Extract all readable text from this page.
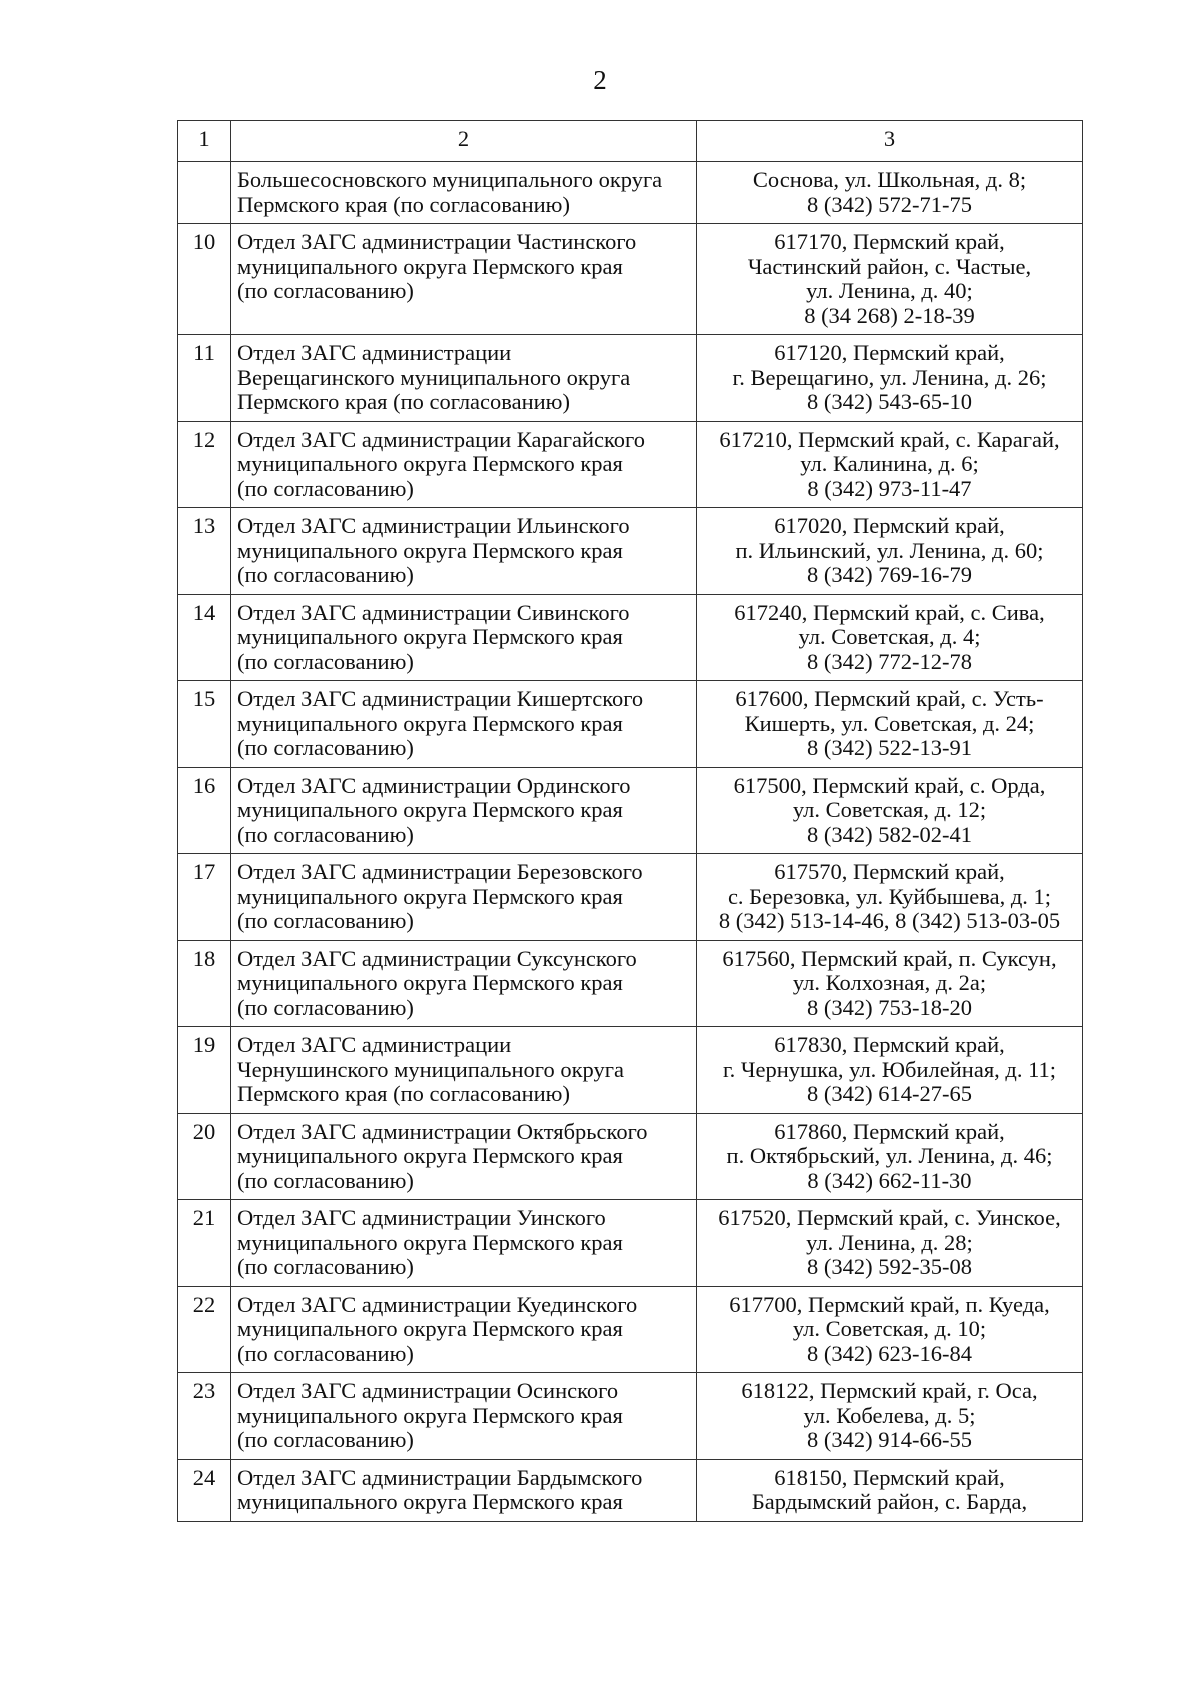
2
1	2	3

	Большесосновского муниципального округа
Пермского края (по согласованию)	Соснова, ул. Школьная, д. 8;
8 (342) 572-71-75

10	Отдел ЗАГС администрации Частинского
муниципального округа Пермского края
(по согласованию)	617170, Пермский край,
Частинский район, с. Частые,
ул. Ленина, д. 40;
8 (34 268) 2-18-39

11	Отдел ЗАГС администрации
Верещагинского муниципального округа
Пермского края (по согласованию)	617120, Пермский край,
г. Верещагино, ул. Ленина, д. 26;
8 (342) 543-65-10

12	Отдел ЗАГС администрации Карагайского
муниципального округа Пермского края
(по согласованию)	617210, Пермский край, с. Карагай,
ул. Калинина, д. 6;
8 (342) 973-11-47

13	Отдел ЗАГС администрации Ильинского
муниципального округа Пермского края
(по согласованию)	617020, Пермский край,
п. Ильинский, ул. Ленина, д. 60;
8 (342) 769-16-79

14	Отдел ЗАГС администрации Сивинского
муниципального округа Пермского края
(по согласованию)	617240, Пермский край, с. Сива,
ул. Советская, д. 4;
8 (342) 772-12-78

15	Отдел ЗАГС администрации Кишертского
муниципального округа Пермского края
(по согласованию)	617600, Пермский край, с. Усть-
Кишерть, ул. Советская, д. 24;
8 (342) 522-13-91

16	Отдел ЗАГС администрации Ординского
муниципального округа Пермского края
(по согласованию)	617500, Пермский край, с. Орда,
ул. Советская, д. 12;
8 (342) 582-02-41

17	Отдел ЗАГС администрации Березовского
муниципального округа Пермского края
(по согласованию)	617570, Пермский край,
с. Березовка, ул. Куйбышева, д. 1;
8 (342) 513-14-46, 8 (342) 513-03-05

18	Отдел ЗАГС администрации Суксунского
муниципального округа Пермского края
(по согласованию)	617560, Пермский край, п. Суксун,
ул. Колхозная, д. 2а;
8 (342) 753-18-20

19	Отдел ЗАГС администрации
Чернушинского муниципального округа
Пермского края (по согласованию)	617830, Пермский край,
г. Чернушка, ул. Юбилейная, д. 11;
8 (342) 614-27-65

20	Отдел ЗАГС администрации Октябрьского
муниципального округа Пермского края
(по согласованию)	617860, Пермский край,
п. Октябрьский, ул. Ленина, д. 46;
8 (342) 662-11-30

21	Отдел ЗАГС администрации Уинского
муниципального округа Пермского края
(по согласованию)	617520, Пермский край, с. Уинское,
ул. Ленина, д. 28;
8 (342) 592-35-08

22	Отдел ЗАГС администрации Куединского
муниципального округа Пермского края
(по согласованию)	617700, Пермский край, п. Куеда,
ул. Советская, д. 10;
8 (342) 623-16-84

23	Отдел ЗАГС администрации Осинского
муниципального округа Пермского края
(по согласованию)	618122, Пермский край, г. Оса,
ул. Кобелева, д. 5;
8 (342) 914-66-55

24	Отдел ЗАГС администрации Бардымского
муниципального округа Пермского края	618150, Пермский край,
Бардымский район, с. Барда,
